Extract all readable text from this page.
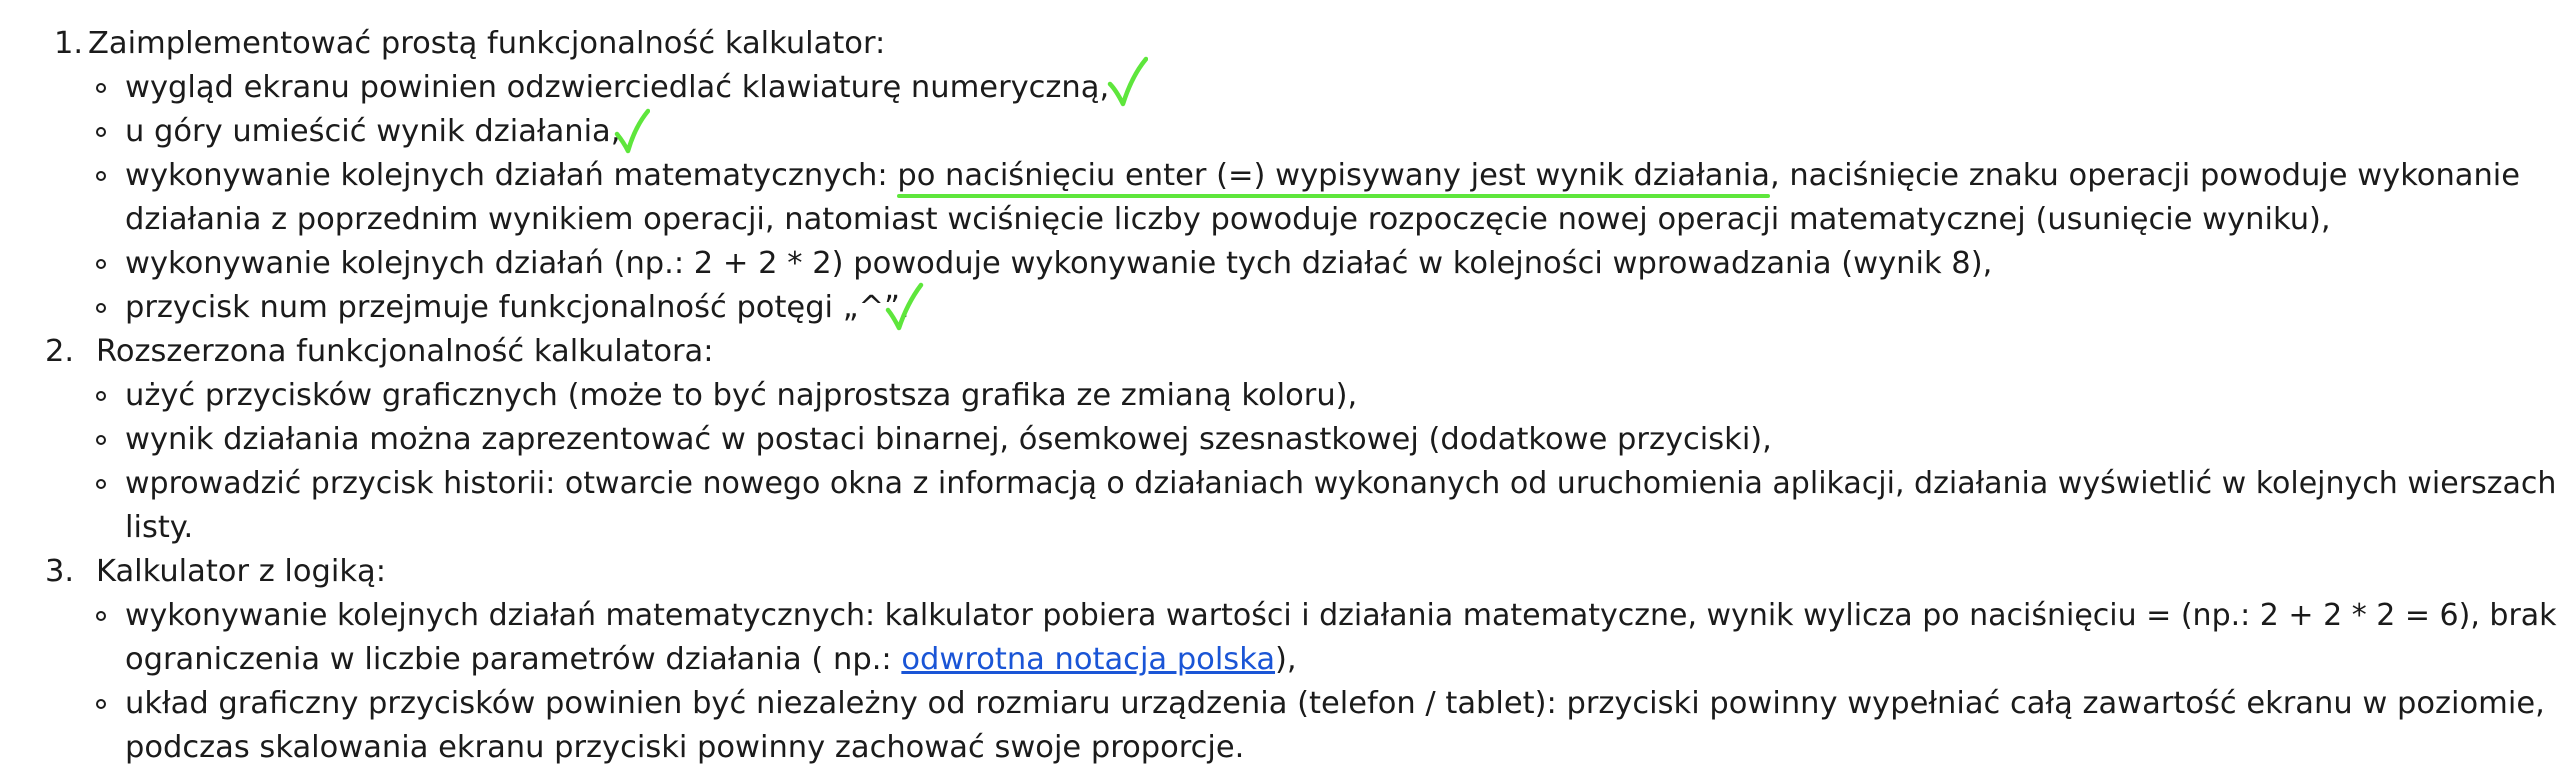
1. Zaimplementować prostą funkcjonalność kalkulator:
wygląd ekranu powinien odzwierciedlać klawiaturę numeryczną,
u góry umieścić wynik działania,
wykonywanie kolejnych działań matematycznych: po naciśnięciu enter (=) wypisywany jest wynik działania, naciśnięcie znaku operacji powoduje wykonanie
działania z poprzednim wynikiem operacji, natomiast wciśnięcie liczby powoduje rozpoczęcie nowej operacji matematycznej (usunięcie wyniku),
wykonywanie kolejnych działań (np.: 2 + 2 * 2) powoduje wykonywanie tych działać w kolejności wprowadzania (wynik 8),
przycisk num przejmuje funkcjonalność potęgi „^”.
2. Rozszerzona funkcjonalność kalkulatora:
użyć przycisków graficznych (może to być najprostsza grafika ze zmianą koloru),
wynik działania można zaprezentować w postaci binarnej, ósemkowej szesnastkowej (dodatkowe przyciski),
wprowadzić przycisk historii: otwarcie nowego okna z informacją o działaniach wykonanych od uruchomienia aplikacji, działania wyświetlić w kolejnych wierszach
listy.
3. Kalkulator z logiką:
wykonywanie kolejnych działań matematycznych: kalkulator pobiera wartości i działania matematyczne, wynik wylicza po naciśnięciu = (np.: 2 + 2 * 2 = 6), brak
ograniczenia w liczbie parametrów działania ( np.: odwrotna notacja polska),
układ graficzny przycisków powinien być niezależny od rozmiaru urządzenia (telefon / tablet): przyciski powinny wypełniać całą zawartość ekranu w poziomie,
podczas skalowania ekranu przyciski powinny zachować swoje proporcje.
